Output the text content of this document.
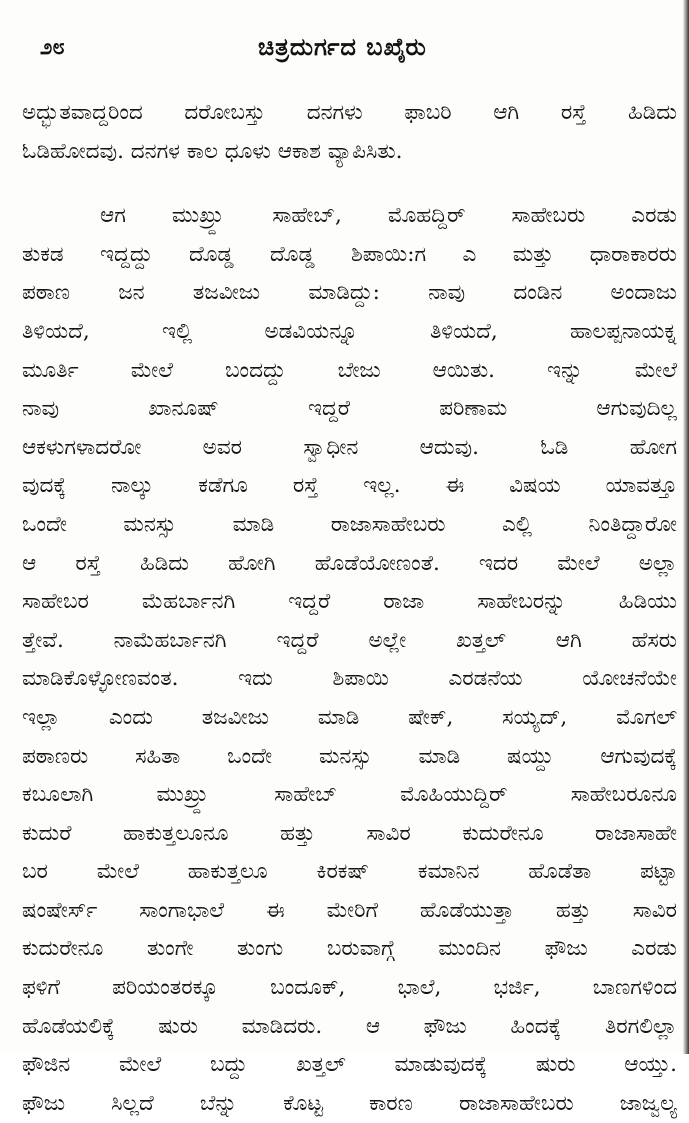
೨೮	ಚಿತ್ರದುರ್ಗದ ಬಖೈರು
ಅದ್ಭುತವಾದ್ದರಿಂದ ದರೋಬಸ್ತು ದನಗಳು ಫಾಬರಿ ಆಗಿ ರಸ್ತೆ ಹಿಡಿದು
ಓಡಿಹೋದವು. ದನಗಳ ಕಾಲ ಧೂಳು ಆಕಾಶ ವ್ಯಾಪಿಸಿತು.
ಆಗ ಮುಖ್ರ್ದು ಸಾಹೇಬ್, ಮೊಹದ್ದಿರ್ ಸಾಹೇಬರು ಎರಡು
ತುಕಡ ಇದ್ದದ್ದು ದೊಡ್ಡ ದೊಡ್ಡ ಶಿಪಾಯಿ:ಗ ಎ ಮತ್ತು ಧಾರಾಕಾರರು
ಪಠಾಣ ಜನ ತಜವೀಜು ಮಾಡಿದ್ದು: ನಾವು ದಂಡಿನ ಅಂದಾಜು
ತಿಳಿಯದೆ, ಇಲ್ಲಿ ಅಡವಿಯನ್ನೂ ತಿಳಿಯದೆ, ಹಾಲಪ್ಪನಾಯಕ್ನ
ಮೂರ್ತಿ ಮೇಲೆ ಬಂದದ್ದು ಬೇಜು ಆಯಿತು. ಇನ್ನು ಮೇಲೆ
ನಾವು ಖಾನೂಷ್ ಇದ್ದರೆ ಪರಿಣಾಮ ಆಗುವುದಿಲ್ಲ
ಆಕಳುಗಳಾದರೋ ಅವರ ಸ್ವಾಧೀನ ಆದುವು. ಓಡಿ ಹೋಗ
ವುದಕ್ಕೆ ನಾಲ್ಕು ಕಡೆಗೂ ರಸ್ತೆ ಇಲ್ಲ. ಈ ವಿಷಯ ಯಾವತ್ತೂ
ಒಂದೇ ಮನಸ್ಸು ಮಾಡಿ ರಾಜಾಸಾಹೇಬರು ಎಲ್ಲಿ ನಿಂತಿದ್ದಾರೋ
ಆ ರಸ್ತೆ ಹಿಡಿದು ಹೋಗಿ ಹೊಡೆಯೋಣಂತೆ. ಇದರ ಮೇಲೆ ಅಲ್ಲಾ
ಸಾಹೇಬರ ಮೆಹರ್ಬಾನಗಿ ಇದ್ದರೆ ರಾಜಾ ಸಾಹೇಬರನ್ನು ಹಿಡಿಯು
ತ್ತೇವೆ. ನಾಮೆಹರ್ಬಾನಗಿ ಇದ್ದರೆ ಅಲ್ಲೇ ಖತ್ತಲ್ ಆಗಿ ಹೆಸರು
ಮಾಡಿಕೊಳ್ಳೋಣವಂತ. ಇದು ಶಿಪಾಯಿ ಎರಡನೆಯ ಯೋಚನೆಯೇ
ಇಲ್ಲಾ ಎಂದು ತಜವೀಜು ಮಾಡಿ ಷೇಕ್, ಸಯ್ಯದ್, ಮೊಗಲ್
ಪಠಾಣರು ಸಹಿತಾ ಒಂದೇ ಮನಸ್ಸು ಮಾಡಿ ಷಯ್ದು ಆಗುವುದಕ್ಕೆ
ಕಬೂಲಾಗಿ ಮುಖ್ರ್ದು ಸಾಹೇಬ್ ಮೊಹಿಯುದ್ದಿರ್ ಸಾಹೇಬರೂನೂ
ಕುದುರೆ ಹಾಕುತ್ತಲೂನೂ ಹತ್ತು ಸಾವಿರ ಕುದುರೇನೂ ರಾಜಾಸಾಹೇ
ಬರ ಮೇಲೆ ಹಾಕುತ್ತಲೂ ಕಿರಕಷ್ ಕಮಾನಿನ ಹೊಡೆತಾ ಪಟ್ಟಾ
ಷಂಷೇರ್ಸ್ ಸಾಂಗಾಭಾಲೆ ಈ ಮೇರಿಗೆ ಹೊಡೆಯುತ್ತಾ ಹತ್ತು ಸಾವಿರ
ಕುದುರೇನೂ ತುಂಗೇ ತುಂಗು ಬರುವಾಗ್ಗೆ ಮುಂದಿನ ಫೌಜು ಎರಡು
ಫಳಿಗೆ ಪರಿಯಂತರಕ್ಕೂ ಬಂದೂಕ್, ಭಾಲೆ, ಭರ್ಜಿ, ಬಾಣಗಳಿಂದ
ಹೊಡೆಯಲಿಕ್ಕೆ ಷುರು ಮಾಡಿದರು. ಆ ಫೌಜು ಹಿಂದಕ್ಕೆ ತಿರಗಲಿಲ್ಲಾ
ಫೌಜಿನ ಮೇಲೆ ಬದ್ದು ಖತ್ತಲ್ ಮಾಡುವುದಕ್ಕೆ ಷುರು ಆಯ್ತು.
ಫೌಜು ಸಿಲ್ಲದೆ ಬೆನ್ನು ಕೊಟ್ಟ ಕಾರಣ ರಾಜಾಸಾಹೇಬರು ಜಾಜ್ವಲ್ಯ
